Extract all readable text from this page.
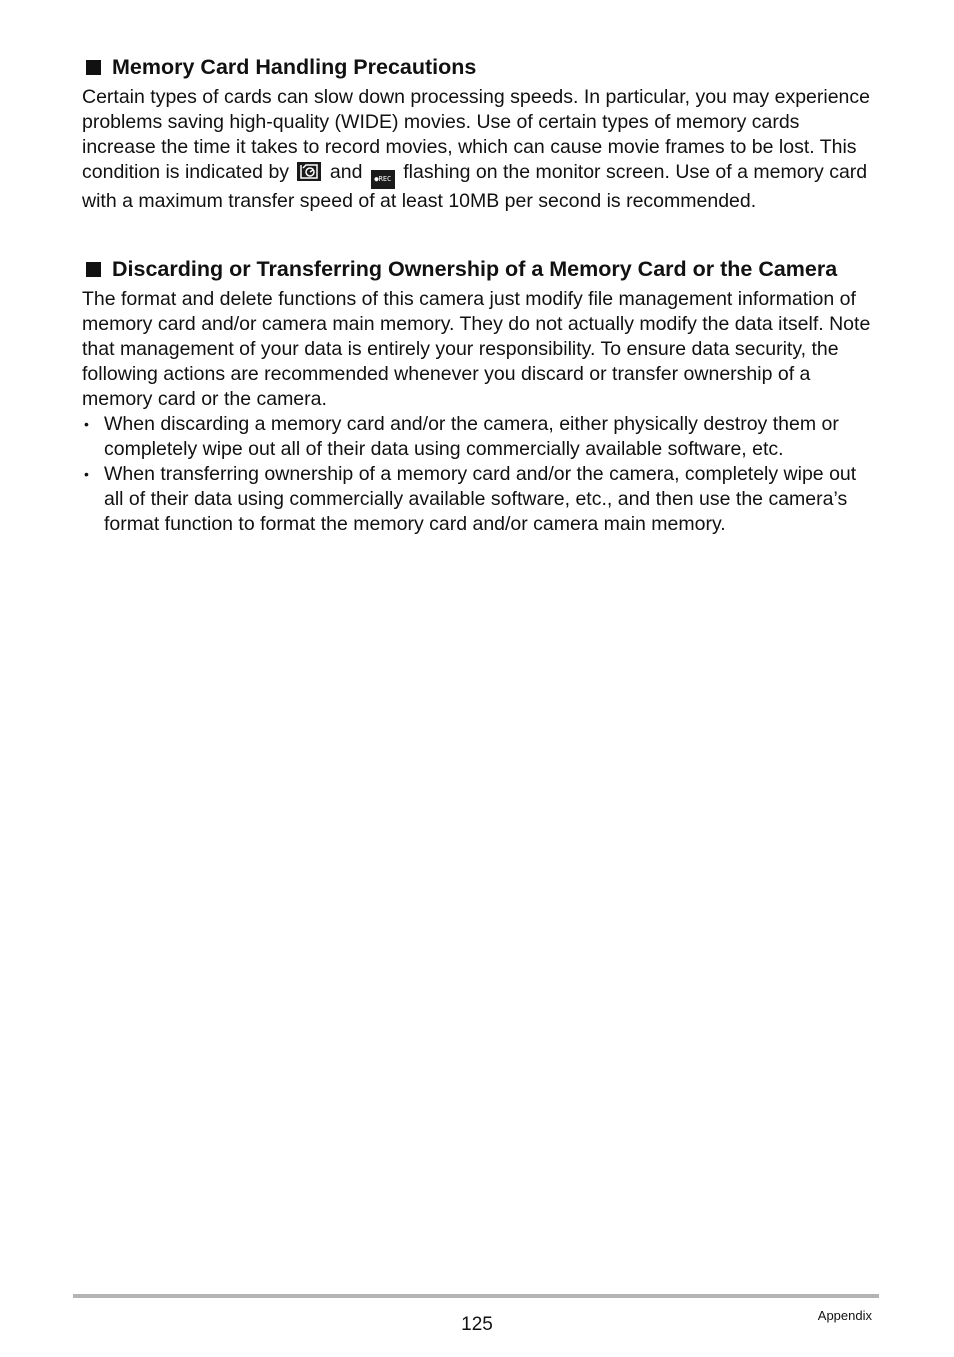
Memory Card Handling Precautions

Certain types of cards can slow down processing speeds. In particular, you may experience problems saving high-quality (WIDE) movies. Use of certain types of memory cards increase the time it takes to record movies, which can cause movie frames to be lost. This condition is indicated by
and ●REC flashing on the monitor screen. Use of a memory card with a maximum transfer speed of at least 10MB per second is recommended.

Discarding or Transferring Ownership of a Memory Card or the Camera

The format and delete functions of this camera just modify file management information of memory card and/or camera main memory. They do not actually modify the data itself. Note that management of your data is entirely your responsibility. To ensure data security, the following actions are recommended whenever you discard or transfer ownership of a memory card or the camera.

• When discarding a memory card and/or the camera, either physically destroy them or completely wipe out all of their data using commercially available software, etc.
• When transferring ownership of a memory card and/or the camera, completely wipe out all of their data using commercially available software, etc., and then use the camera’s format function to format the memory card and/or camera main memory.
125	Appendix
